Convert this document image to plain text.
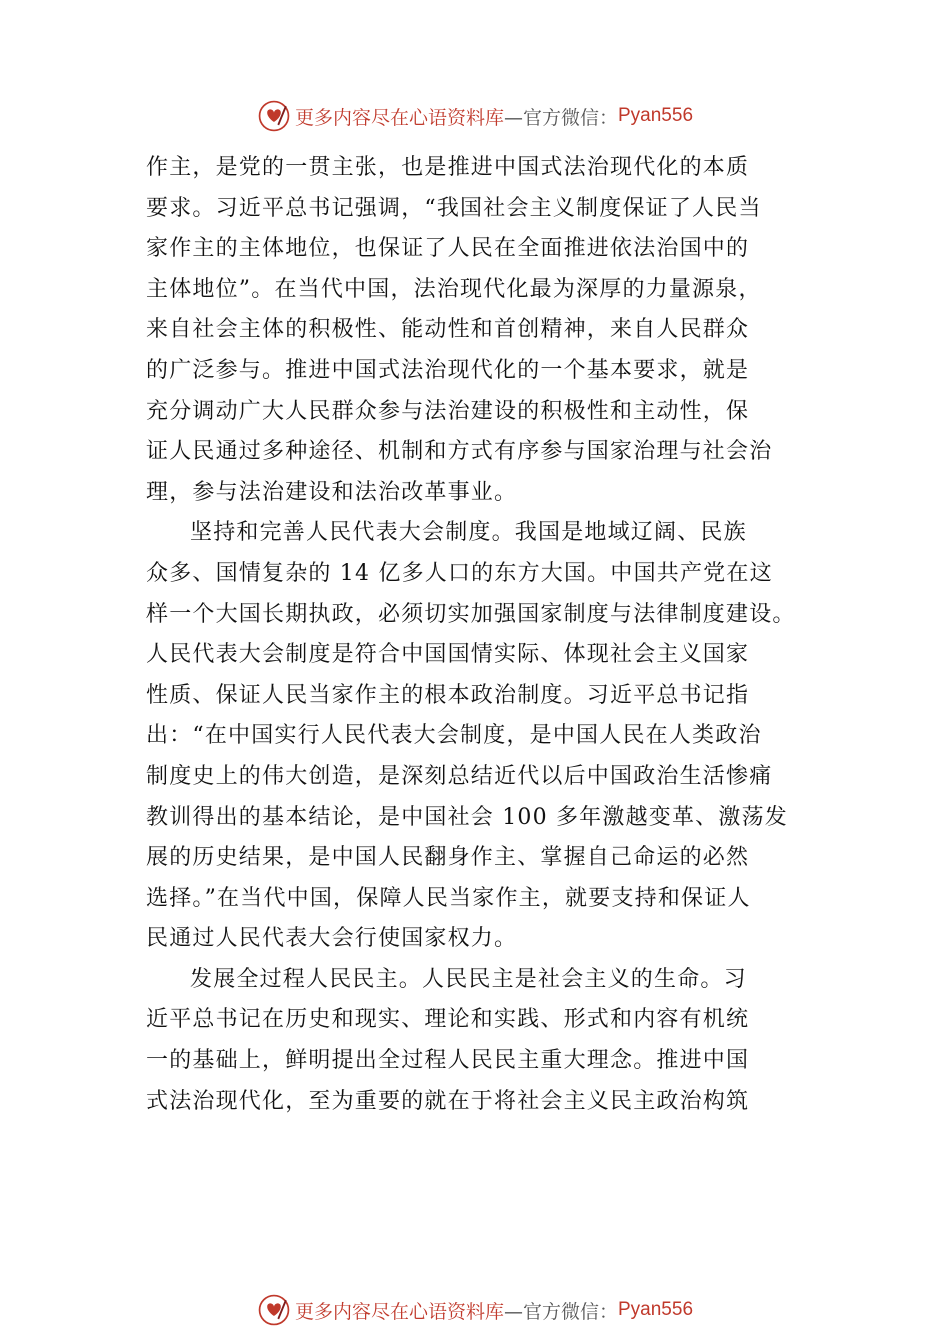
更多内容尽在心语资料库 —官方微信： Pyan556
作主，是党的一贯主张，也是推进中国式法治现代化的本质
要求。习近平总书记强调，“我国社会主义制度保证了人民当
家作主的主体地位，也保证了人民在全面推进依法治国中的
主体地位”。在当代中国，法治现代化最为深厚的力量源泉，
来自社会主体的积极性、能动性和首创精神，来自人民群众
的广泛参与。推进中国式法治现代化的一个基本要求，就是
充分调动广大人民群众参与法治建设的积极性和主动性，保
证人民通过多种途径、机制和方式有序参与国家治理与社会治
理，参与法治建设和法治改革事业。
坚持和完善人民代表大会制度。我国是地域辽阔、民族
众多、国情复杂的 14 亿多人口的东方大国。中国共产党在这
样一个大国长期执政，必须切实加强国家制度与法律制度建设。
人民代表大会制度是符合中国国情实际、体现社会主义国家
性质、保证人民当家作主的根本政治制度。习近平总书记指
出：“在中国实行人民代表大会制度，是中国人民在人类政治
制度史上的伟大创造，是深刻总结近代以后中国政治生活惨痛
教训得出的基本结论，是中国社会 100 多年激越变革、激荡发
展的历史结果，是中国人民翻身作主、掌握自己命运的必然
选择。”在当代中国，保障人民当家作主，就要支持和保证人
民通过人民代表大会行使国家权力。
发展全过程人民民主。人民民主是社会主义的生命。习
近平总书记在历史和现实、理论和实践、形式和内容有机统
一的基础上，鲜明提出全过程人民民主重大理念。推进中国
式法治现代化，至为重要的就在于将社会主义民主政治构筑
更多内容尽在心语资料库 —官方微信： Pyan556
